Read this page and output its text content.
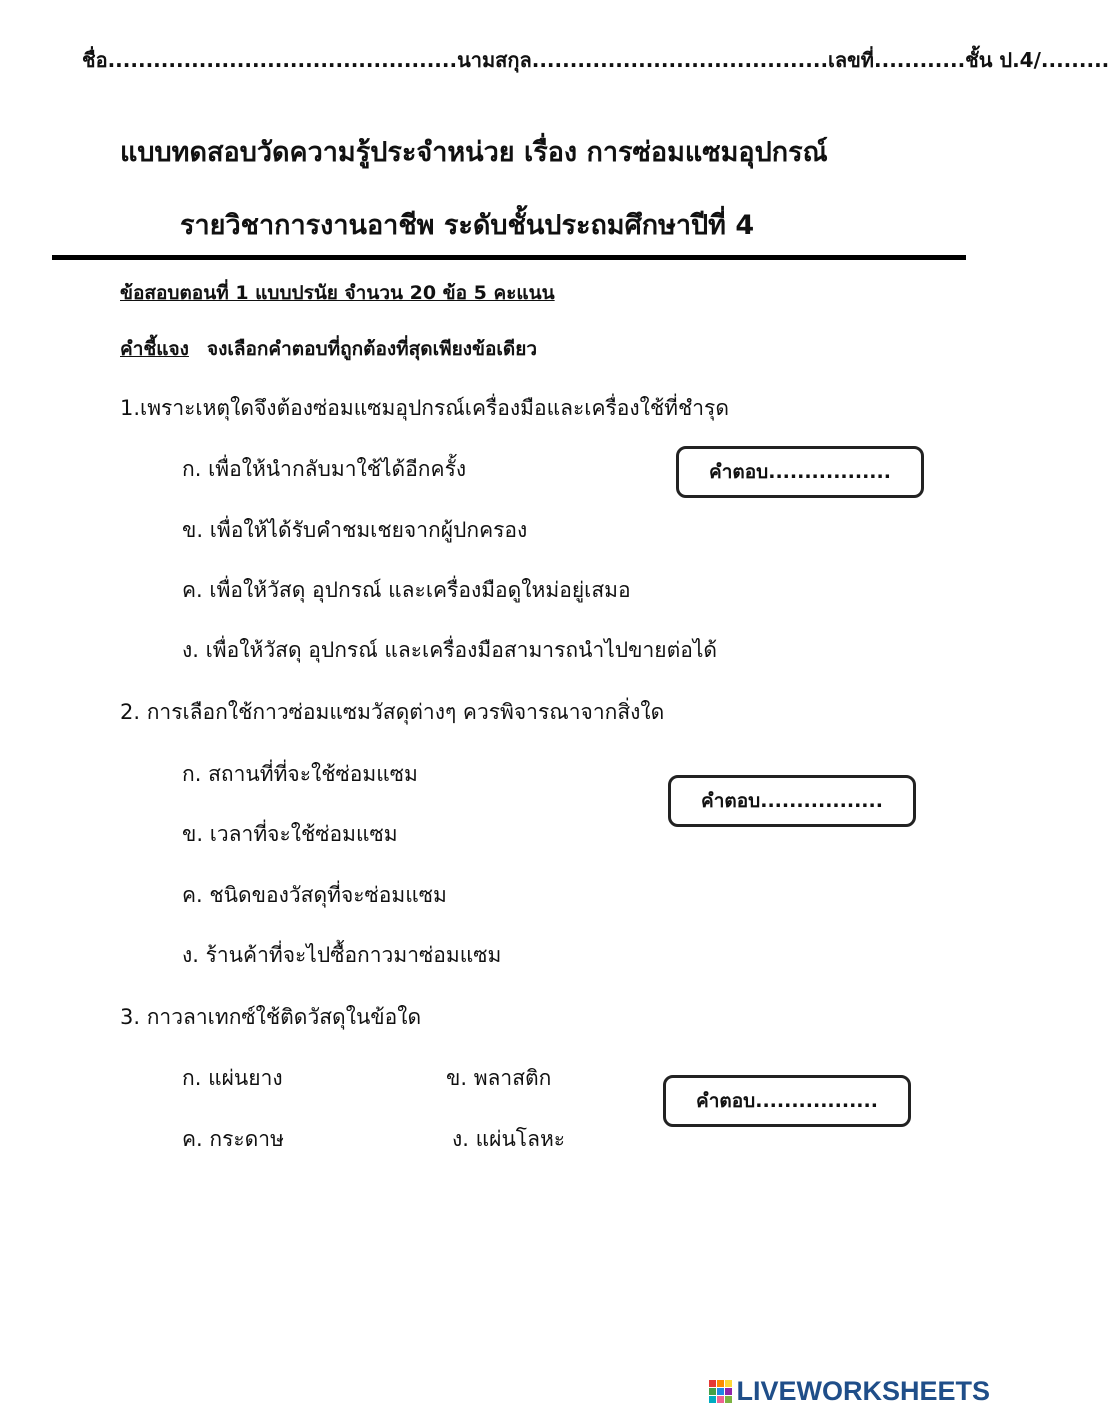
ชื่อ..............................................นามสกุล.......................................เลขที่............ชั้น ป.4/.........
แบบทดสอบวัดความรู้ประจำหน่วย เรื่อง การซ่อมแซมอุปกรณ์
รายวิชาการงานอาชีพ ระดับชั้นประถมศึกษาปีที่ 4
ข้อสอบตอนที่ 1 แบบปรนัย จำนวน 20 ข้อ 5 คะแนน
คำชี้แจง จงเลือกคำตอบที่ถูกต้องที่สุดเพียงข้อเดียว
1.เพราะเหตุใดจึงต้องซ่อมแซมอุปกรณ์เครื่องมือและเครื่องใช้ที่ชำรุด
ก. เพื่อให้นำกลับมาใช้ได้อีกครั้ง
ข. เพื่อให้ได้รับคำชมเชยจากผู้ปกครอง
ค. เพื่อให้วัสดุ อุปกรณ์ และเครื่องมือดูใหม่อยู่เสมอ
ง. เพื่อให้วัสดุ อุปกรณ์ และเครื่องมือสามารถนำไปขายต่อได้
คำตอบ.................
2. การเลือกใช้กาวซ่อมแซมวัสดุต่างๆ ควรพิจารณาจากสิ่งใด
ก. สถานที่ที่จะใช้ซ่อมแซม
ข. เวลาที่จะใช้ซ่อมแซม
ค. ชนิดของวัสดุที่จะซ่อมแซม
ง. ร้านค้าที่จะไปซื้อกาวมาซ่อมแซม
คำตอบ.................
3. กาวลาเทกซ์ใช้ติดวัสดุในข้อใด
ก. แผ่นยาง	ข. พลาสติก
ค. กระดาษ	ง. แผ่นโลหะ
คำตอบ.................
LIVEWORKSHEETS
